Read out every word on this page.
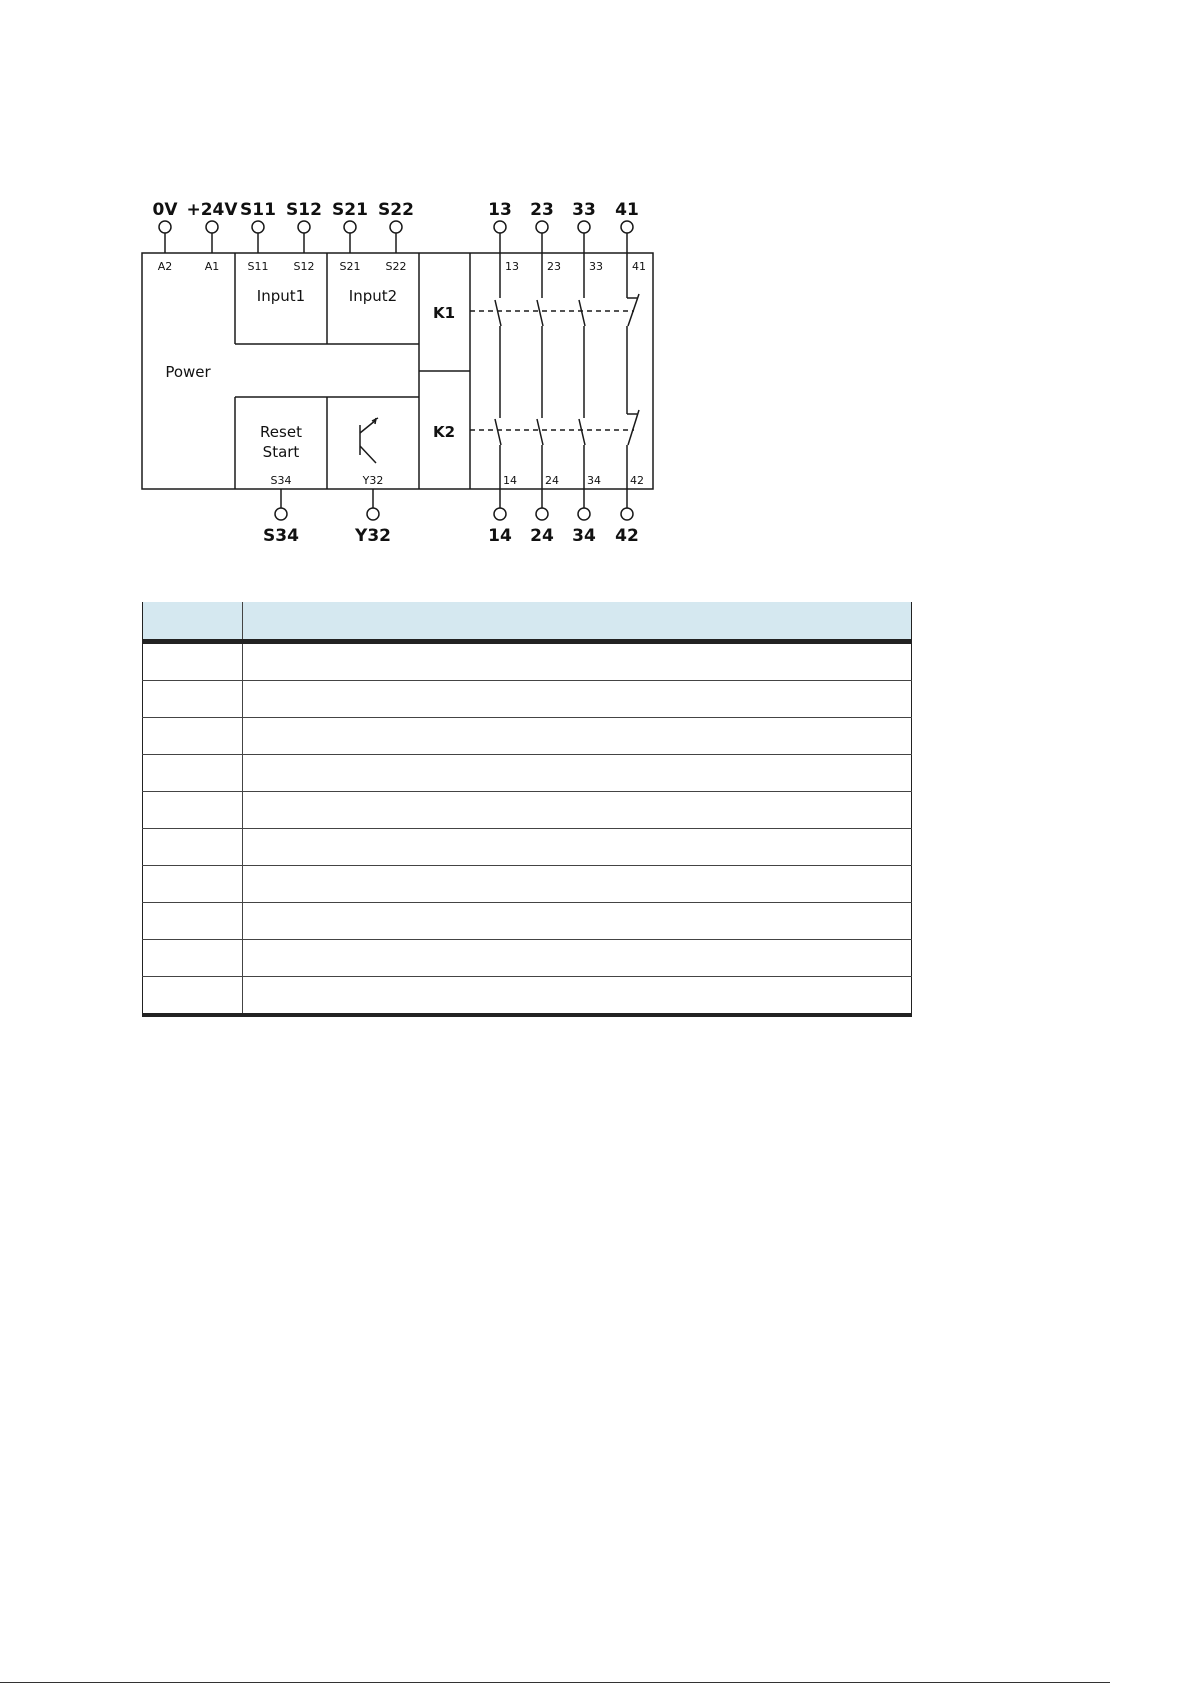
0V +24V S11 S12 S21 S22	13 23 33 41
A2	A1	S11 S12 S21 S22	13	23	33	41
Power
Input1	Input2
Reset
Start
K1
K2
S34	Y32	14	24	34	42
S34	Y32	14 24 34 42
